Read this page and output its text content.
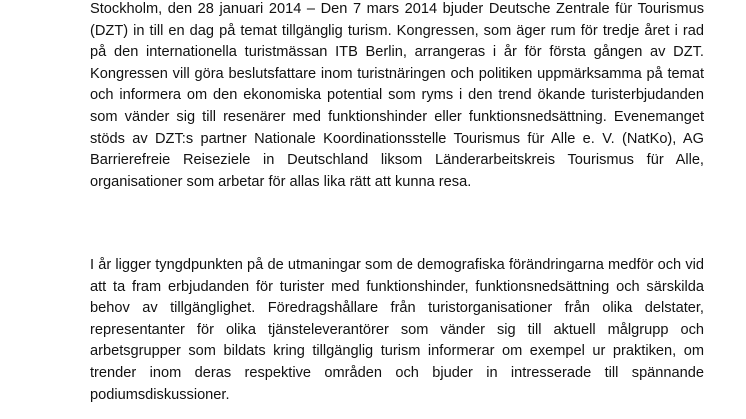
Stockholm, den 28 januari 2014 – Den 7 mars 2014 bjuder Deutsche Zentrale für Tourismus (DZT) in till en dag på temat tillgänglig turism. Kongressen, som äger rum för tredje året i rad på den internationella turistmässan ITB Berlin, arrangeras i år för första gången av DZT. Kongressen vill göra beslutsfattare inom turistnäringen och politiken uppmärksamma på temat och informera om den ekonomiska potential som ryms i den trend ökande turisterbjudanden som vänder sig till resenärer med funktionshinder eller funktionsnedsättning. Evenemanget stöds av DZT:s partner Nationale Koordinationsstelle Tourismus für Alle e. V. (NatKo), AG Barrierefreie Reiseziele in Deutschland liksom Länderarbeitskreis Tourismus für Alle, organisationer som arbetar för allas lika rätt att kunna resa.

I år ligger tyngdpunkten på de utmaningar som de demografiska förändringarna medför och vid att ta fram erbjudanden för turister med funktionshinder, funktionsnedsättning och särskilda behov av tillgänglighet. Föredragshållare från turistorganisationer från olika delstater, representanter för olika tjänsteleverantörer som vänder sig till aktuell målgrupp och arbetsgrupper som bildats kring tillgänglig turism informerar om exempel ur praktiken, om trender inom deras respektive områden och bjuder in intresserade till spännande podiumsdiskussioner.
